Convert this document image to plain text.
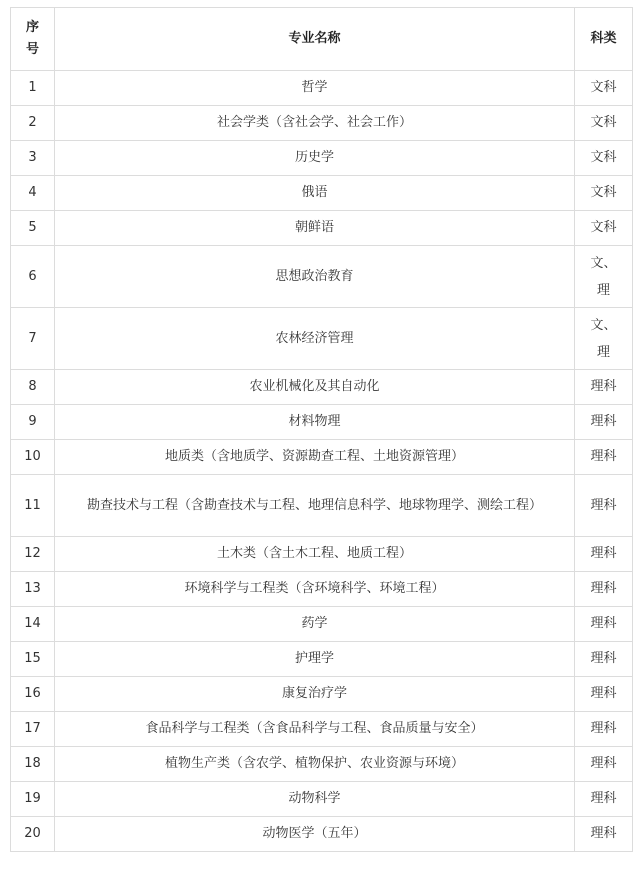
序
号	专业名称	科类
1	哲学	文科
2	社会学类（含社会学、社会工作）	文科
3	历史学	文科
4	俄语	文科
5	朝鲜语	文科
6	思想政治教育	文、
理

7	农林经济管理	文、
理

8	农业机械化及其自动化	理科
9	材料物理	理科
10	地质类（含地质学、资源勘查工程、土地资源管理）	理科
11	勘查技术与工程（含勘查技术与工程、地理信息科学、地球物理学、测绘工程）	理科
12	土木类（含土木工程、地质工程）	理科
13	环境科学与工程类（含环境科学、环境工程）	理科
14	药学	理科
15	护理学	理科
16	康复治疗学	理科
17	食品科学与工程类（含食品科学与工程、食品质量与安全）	理科
18	植物生产类（含农学、植物保护、农业资源与环境）	理科
19	动物科学	理科
20	动物医学（五年）	理科
